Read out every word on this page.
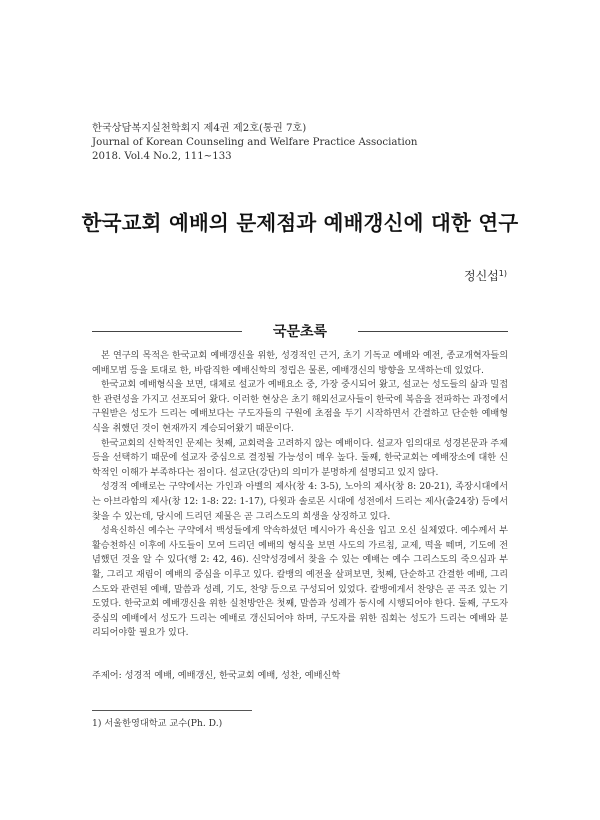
한국상담복지실천학회지 제4권 제2호(통권 7호)
Journal of Korean Counseling and Welfare Practice Association
2018. Vol.4 No.2, 111~133
한국교회 예배의 문제점과 예배갱신에 대한 연구
정신섭$^{1)}$
국문초록

본 연구의 목적은 한국교회 예배갱신을 위한, 성경적인 근거, 초기 기독교 예배와 예전, 종교개혁자들의 예배모범 등을 토대로 한, 바람직한 예배신학의 정립은 물론, 예배갱신의 방향을 모색하는데 있었다.

한국교회 예배형식을 보면, 대체로 설교가 예배요소 중, 가장 중시되어 왔고, 설교는 성도들의 삶과 밀접한 관련성을 가지고 선포되어 왔다. 이러한 현상은 초기 해외선교사들이 한국에 복음을 전파하는 과정에서 구원받은 성도가 드리는 예배보다는 구도자들의 구원에 초점을 두기 시작하면서 간결하고 단순한 예배형식을 취했던 것이 현재까지 계승되어왔기 때문이다.

한국교회의 신학적인 문제는 첫째, 교회력을 고려하지 않는 예배이다. 설교자 임의대로 성경본문과 주제 등을 선택하기 때문에 설교자 중심으로 결정될 가능성이 매우 높다. 둘째, 한국교회는 예배장소에 대한 신학적인 이해가 부족하다는 점이다. 설교단(강단)의 의미가 분명하게 설명되고 있지 않다.

성경적 예배로는 구약에서는 가인과 아벨의 제사(창 4: 3-5), 노아의 제사(창 8: 20-21), 족장시대에서는 아브라함의 제사(창 12: 1-8: 22: 1-17), 다윗과 솔로몬 시대에 성전에서 드리는 제사(출24장) 등에서 찾을 수 있는데, 당시에 드리던 제물은 곧 그리스도의 희생을 상징하고 있다.

성육신하신 예수는 구약에서 백성들에게 약속하셨던 메시아가 육신을 입고 오신 실체였다. 예수께서 부활승천하신 이후에 사도들이 모여 드리던 예배의 형식을 보면 사도의 가르침, 교제, 떡을 떼며, 기도에 전념했던 것을 알 수 있다(행 2: 42, 46). 신약성경에서 찾을 수 있는 예배는 예수 그리스도의 죽으심과 부활, 그리고 재림이 예배의 중심을 이루고 있다. 칼뱅의 예전을 살펴보면, 첫째, 단순하고 간결한 예배, 그리스도와 관련된 예배, 말씀과 성례, 기도, 찬양 등으로 구성되어 있었다. 칼뱅에게서 찬양은 곧 곡조 있는 기도였다. 한국교회 예배갱신을 위한 실천방안은 첫째, 말씀과 성례가 동시에 시행되어야 한다. 둘째, 구도자 중심의 예배에서 성도가 드리는 예배로 갱신되어야 하며, 구도자를 위한 집회는 성도가 드리는 예배와 분리되어야할 필요가 있다.

주제어: 성경적 예배, 예배갱신, 한국교회 예배, 성찬, 예배신학
1) 서울한영대학교 교수(Ph. D.)
